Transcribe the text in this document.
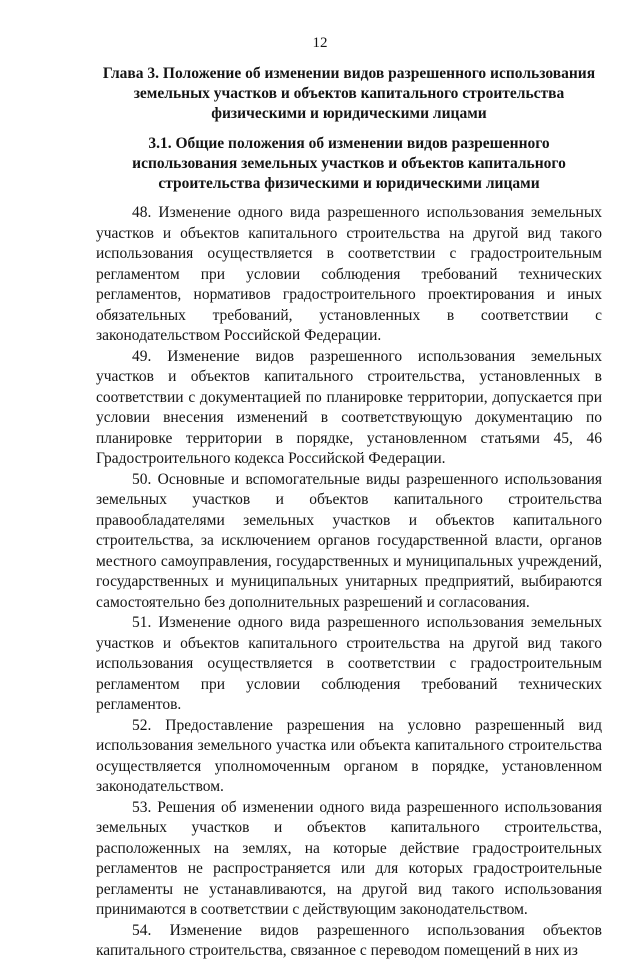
12
Глава 3. Положение об изменении видов разрешенного использования земельных участков и объектов капитального строительства физическими и юридическими лицами
3.1. Общие положения об изменении видов разрешенного использования земельных участков и объектов капитального строительства физическими и юридическими лицами

48. Изменение одного вида разрешенного использования земельных участков и объектов капитального строительства на другой вид такого использования осуществляется в соответствии с градостроительным регламентом при условии соблюдения требований технических регламентов, нормативов градостроительного проектирования и иных обязательных требований, установленных в соответствии с законодательством Российской Федерации.

49. Изменение видов разрешенного использования земельных участков и объектов капитального строительства, установленных в соответствии с документацией по планировке территории, допускается при условии внесения изменений в соответствующую документацию по планировке территории в порядке, установленном статьями 45, 46 Градостроительного кодекса Российской Федерации.

50. Основные и вспомогательные виды разрешенного использования земельных участков и объектов капитального строительства правообладателями земельных участков и объектов капитального строительства, за исключением органов государственной власти, органов местного самоуправления, государственных и муниципальных учреждений, государственных и муниципальных унитарных предприятий, выбираются самостоятельно без дополнительных разрешений и согласования.

51. Изменение одного вида разрешенного использования земельных участков и объектов капитального строительства на другой вид такого использования осуществляется в соответствии с градостроительным регламентом при условии соблюдения требований технических регламентов.

52. Предоставление разрешения на условно разрешенный вид использования земельного участка или объекта капитального строительства осуществляется уполномоченным органом в порядке, установленном законодательством.

53. Решения об изменении одного вида разрешенного использования земельных участков и объектов капитального строительства, расположенных на землях, на которые действие градостроительных регламентов не распространяется или для которых градостроительные регламенты не устанавливаются, на другой вид такого использования принимаются в соответствии с действующим законодательством.

54. Изменение видов разрешенного использования объектов капитального строительства, связанное с переводом помещений в них из
